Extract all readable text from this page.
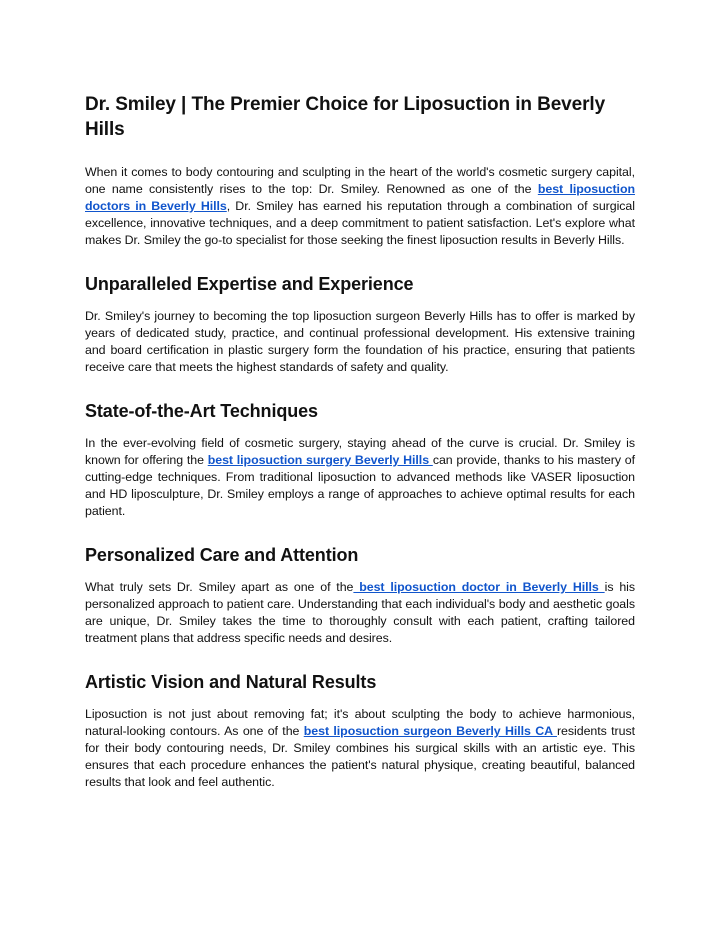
Dr. Smiley | The Premier Choice for Liposuction in Beverly Hills

When it comes to body contouring and sculpting in the heart of the world's cosmetic surgery capital, one name consistently rises to the top: Dr. Smiley. Renowned as one of the best liposuction doctors in Beverly Hills, Dr. Smiley has earned his reputation through a combination of surgical excellence, innovative techniques, and a deep commitment to patient satisfaction. Let's explore what makes Dr. Smiley the go-to specialist for those seeking the finest liposuction results in Beverly Hills.

Unparalleled Expertise and Experience

Dr. Smiley's journey to becoming the top liposuction surgeon Beverly Hills has to offer is marked by years of dedicated study, practice, and continual professional development. His extensive training and board certification in plastic surgery form the foundation of his practice, ensuring that patients receive care that meets the highest standards of safety and quality.

State-of-the-Art Techniques

In the ever-evolving field of cosmetic surgery, staying ahead of the curve is crucial. Dr. Smiley is known for offering the best liposuction surgery Beverly Hills can provide, thanks to his mastery of cutting-edge techniques. From traditional liposuction to advanced methods like VASER liposuction and HD liposculpture, Dr. Smiley employs a range of approaches to achieve optimal results for each patient.

Personalized Care and Attention

What truly sets Dr. Smiley apart as one of the best liposuction doctor in Beverly Hills is his personalized approach to patient care. Understanding that each individual's body and aesthetic goals are unique, Dr. Smiley takes the time to thoroughly consult with each patient, crafting tailored treatment plans that address specific needs and desires.

Artistic Vision and Natural Results

Liposuction is not just about removing fat; it's about sculpting the body to achieve harmonious, natural-looking contours. As one of the best liposuction surgeon Beverly Hills CA residents trust for their body contouring needs, Dr. Smiley combines his surgical skills with an artistic eye. This ensures that each procedure enhances the patient's natural physique, creating beautiful, balanced results that look and feel authentic.
